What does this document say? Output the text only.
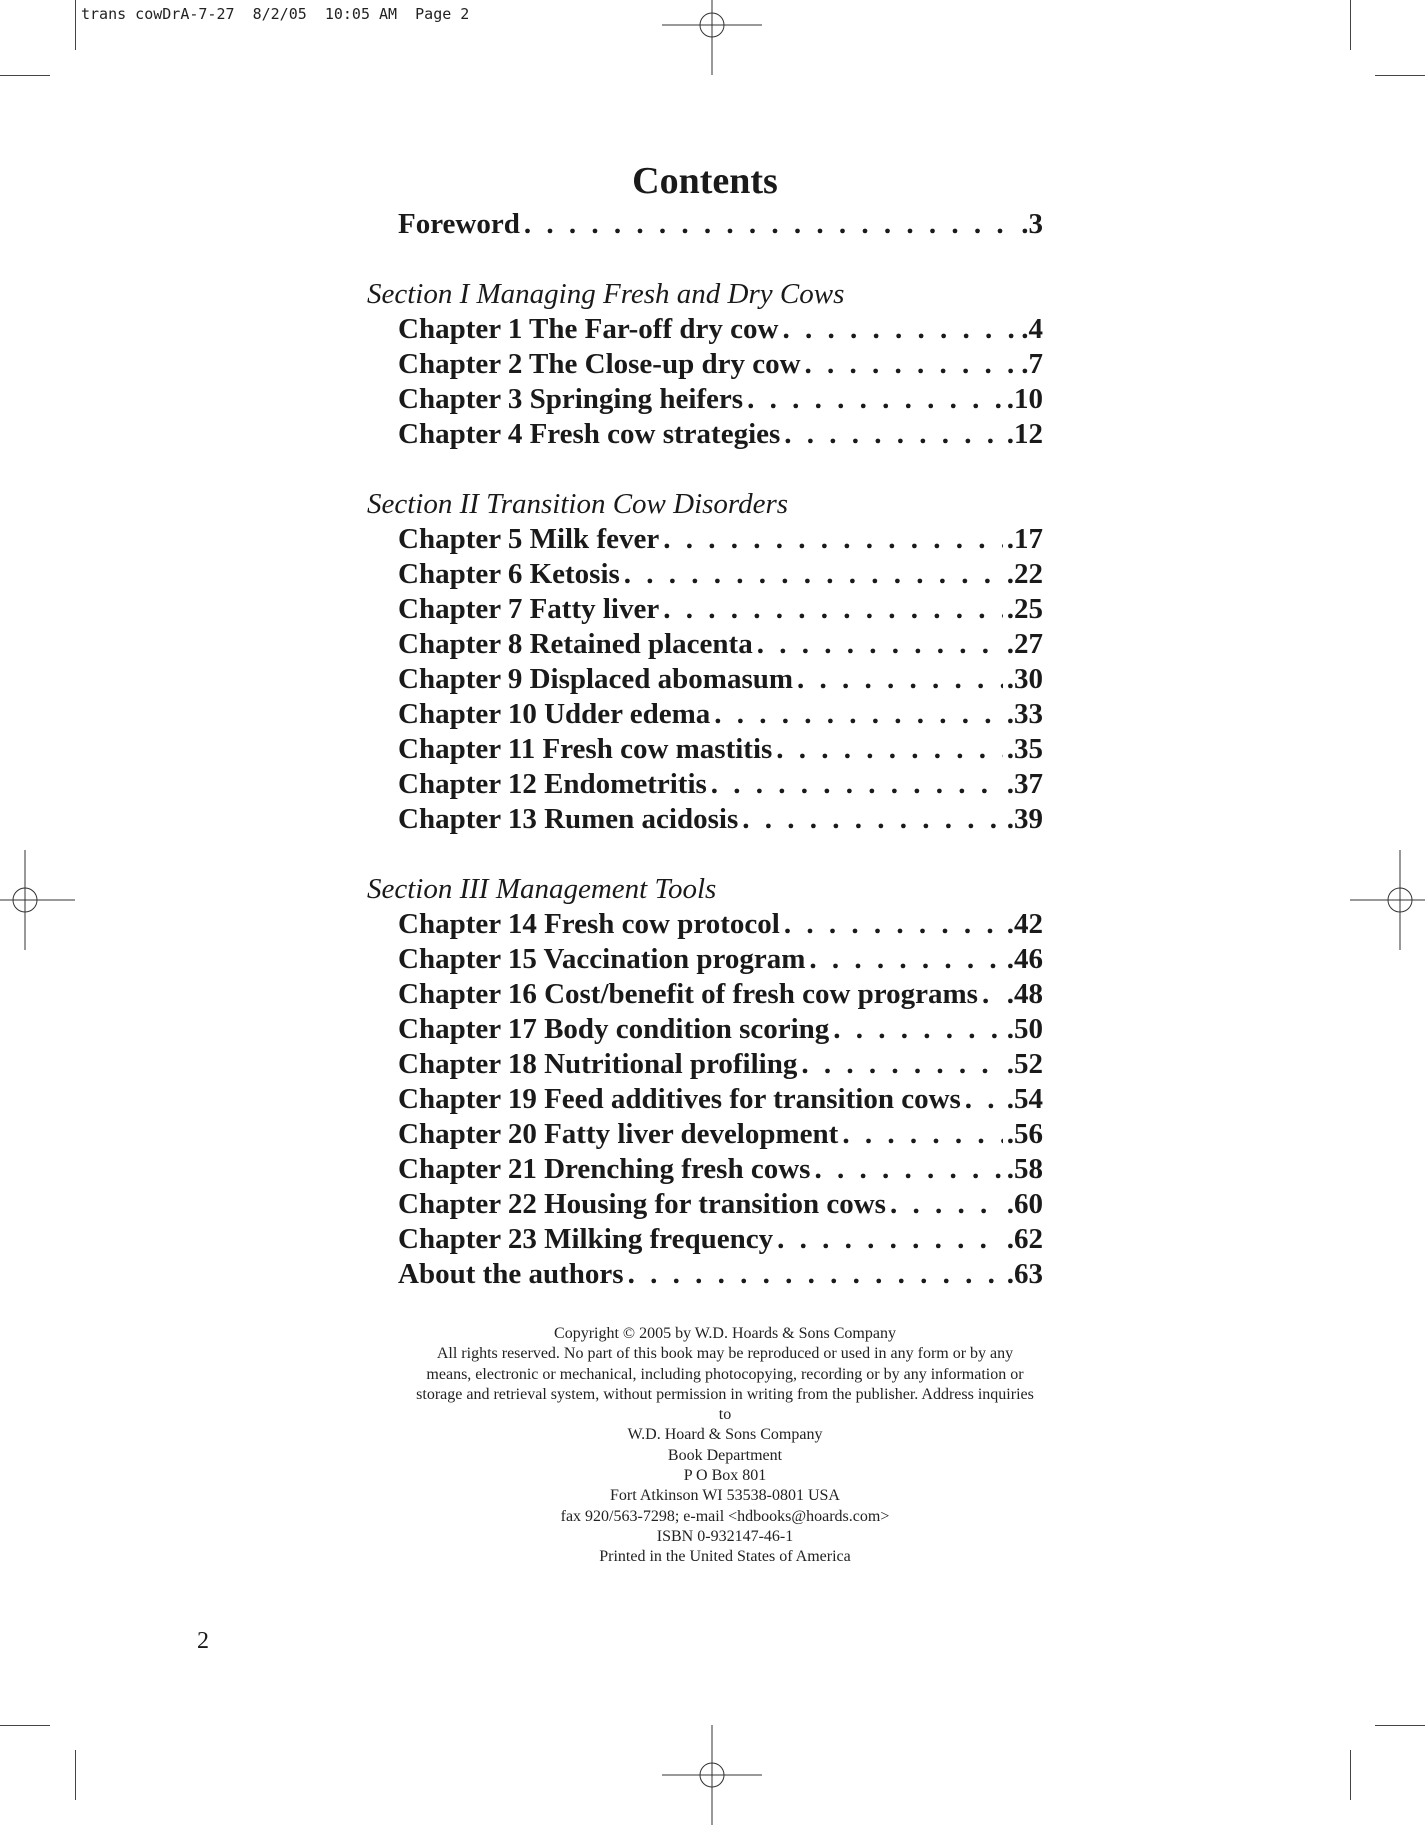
trans cowDrA-7-27  8/2/05  10:05 AM  Page 2
Contents
Foreword . . .	.3
Section I Managing Fresh and Dry Cows
Chapter 1 The Far-off dry cow . . .	.4
Chapter 2 The Close-up dry cow . . .	.7
Chapter 3 Springing heifers . . .	.10
Chapter 4 Fresh cow strategies . . .	.12
Section II Transition Cow Disorders
Chapter 5 Milk fever . . .	.17
Chapter 6 Ketosis . . .	.22
Chapter 7 Fatty liver . . .	.25
Chapter 8 Retained placenta . . .	.27
Chapter 9 Displaced abomasum . . .	.30
Chapter 10 Udder edema . . .	.33
Chapter 11 Fresh cow mastitis . . .	.35
Chapter 12 Endometritis . . .	.37
Chapter 13 Rumen acidosis . . .	.39
Section III Management Tools
Chapter 14 Fresh cow protocol . . .	.42
Chapter 15 Vaccination program . . .	.46
Chapter 16 Cost/benefit of fresh cow programs . . . .48
Chapter 17 Body condition scoring . . .	.50
Chapter 18 Nutritional profiling . . .	.52
Chapter 19 Feed additives for transition cows . . . .54
Chapter 20 Fatty liver development . . .	.56
Chapter 21 Drenching fresh cows . . .	.58
Chapter 22 Housing for transition cows . . .	.60
Chapter 23 Milking frequency . . .	.62
About the authors . . .	.63
Copyright © 2005 by W.D. Hoards & Sons Company
All rights reserved. No part of this book may be reproduced or used in any form or by any
means, electronic or mechanical, including photocopying, recording or by any information or
storage and retrieval system, without permission in writing from the publisher. Address inquiries
to
W.D. Hoard & Sons Company
Book Department
P O Box 801
Fort Atkinson WI 53538-0801 USA
fax 920/563-7298; e-mail <hdbooks@hoards.com>
ISBN 0-932147-46-1
Printed in the United States of America
2
